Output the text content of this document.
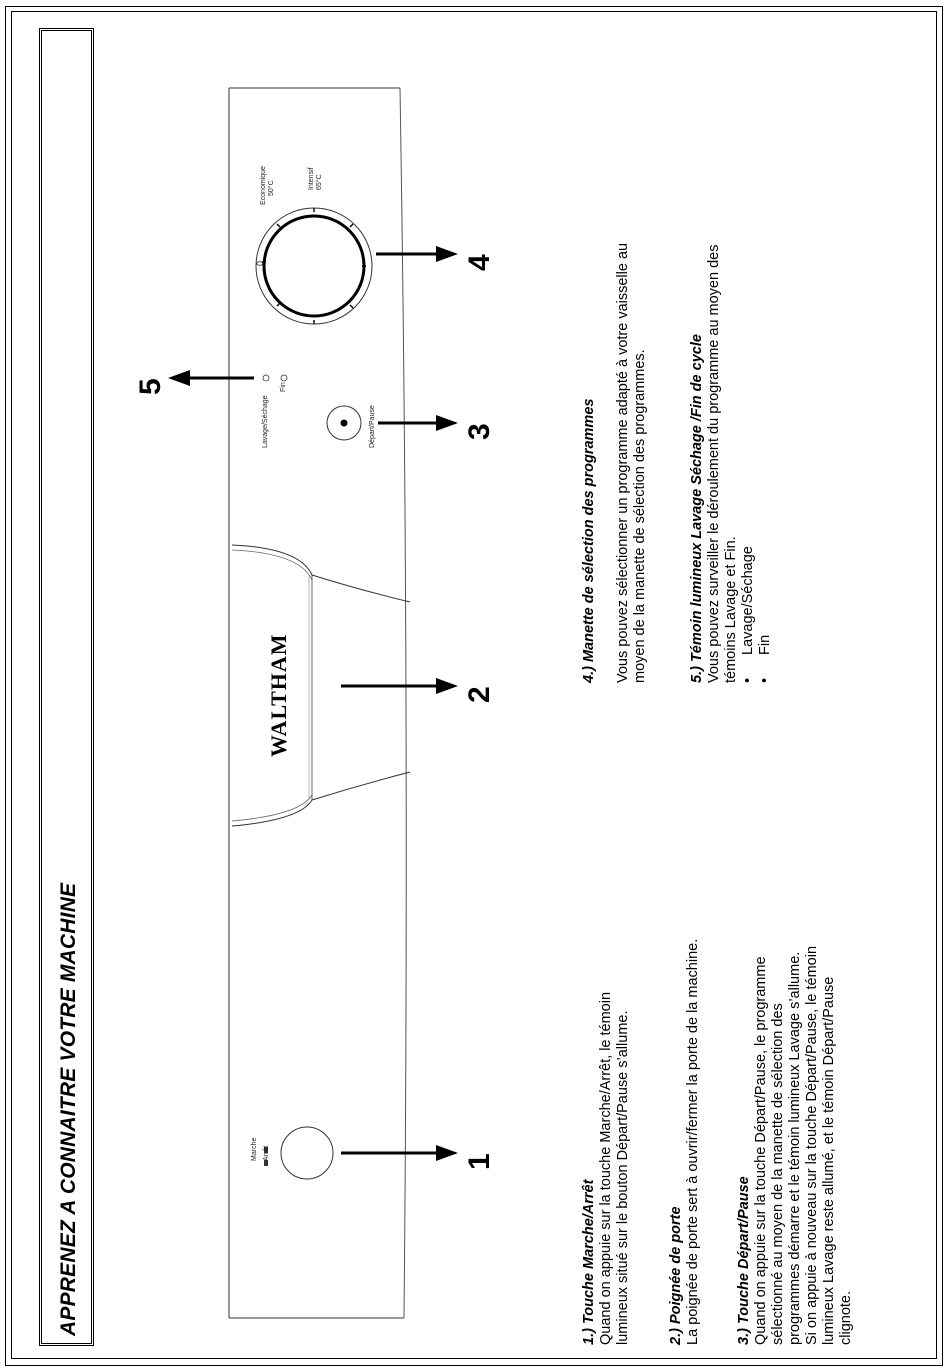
APPRENEZ A CONNAITRE VOTRE MACHINE	Marche Arrêt
Lavage/Séchage
Fin
Départ/Pause
0
Economique 50°C	Intensif 65°C
WALTHAM
1
2
3
4
5
1.) Touche Marche/Arrêt Quand on appuie sur la touche Marche/Arrêt, le témoin lumineux situé sur le bouton Départ/Pause s’allume.	2.) Poignée de porte La poignée de porte sert à ouvrir/fermer la porte de la machine. 3.) Touche Départ/Pause Quand on appuie sur la touche Départ/Pause, le programme sélectionné au moyen de la manette de sélection des programmes démarre et le témoin lumineux Lavage s’allume. Si on appuie à nouveau sur la touche Départ/Pause, le témoin lumineux Lavage reste allumé, et le témoin Départ/Pause clignote.
4.) Manette de sélection des programmes Vous pouvez sélectionner un programme adapté à votre vaisselle au moyen de la manette de sélection des programmes.	5.) Témoin lumineux Lavage Séchage /Fin de cycle Vous pouvez surveiller le déroulement du programme au moyen des témoins Lavage et Fin. •Lavage/Séchage
•Fin
